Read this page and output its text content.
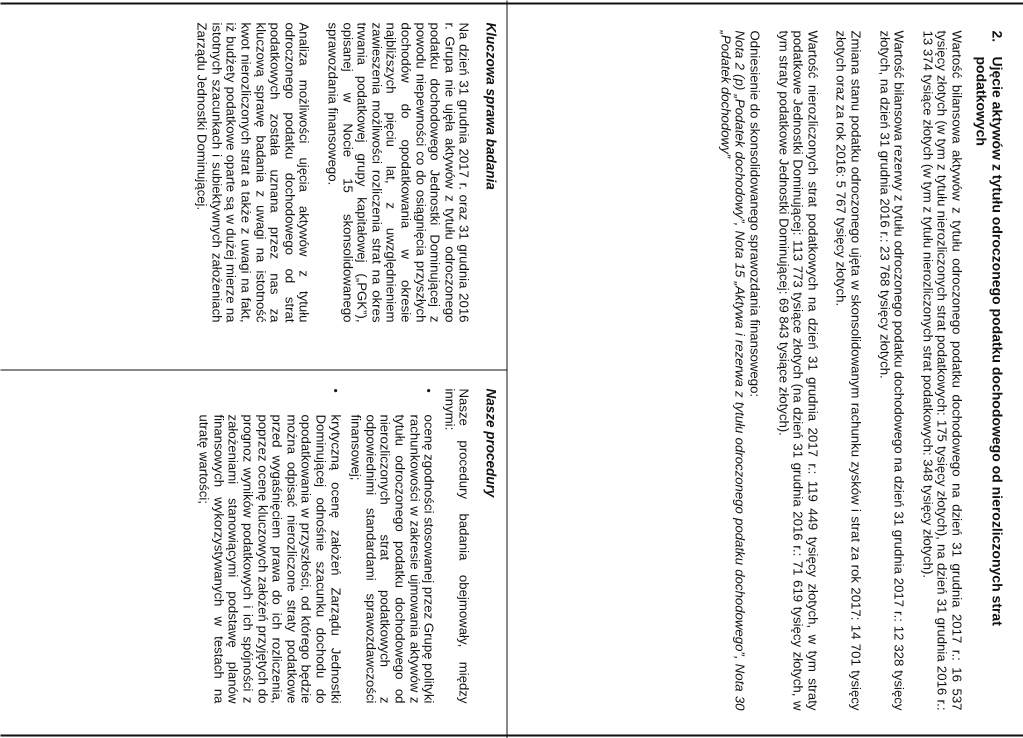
2.
Ujęcie aktywów z tytułu odroczonego podatku dochodowego od nierozliczonych strat podatkowych

Wartość bilansowa aktywów z tytułu odroczonego podatku dochodowego na dzień 31 grudnia 2017 r.: 16 537 tysięcy złotych (w tym z tytułu nierozliczonych strat podatkowych: 175 tysięcy złotych), na dzień 31 grudnia 2016 r.: 13 374 tysiące złotych (w tym z tytułu nierozliczonych strat podatkowych: 348 tysięcy złotych).

Wartość bilansowa rezerwy z tytułu odroczonego podatku dochodowego na dzień 31 grudnia 2017 r.: 12 328 tysięcy złotych, na dzień 31 grudnia 2016 r.: 23 768 tysięcy złotych.

Zmiana stanu podatku odroczonego ujęta w skonsolidowanym rachunku zysków i strat za rok 2017: 14 701 tysięcy złotych oraz za rok 2016: 5 767 tysięcy złotych.

Wartość nierozliczonych strat podatkowych na dzień 31 grudnia 2017 r.: 119 449 tysięcy złotych, w tym straty podatkowe Jednostki Dominującej: 113 773 tysiące złotych (na dzień 31 grudnia 2016 r.: 71 619 tysięcy złotych, w tym straty podatkowe Jednostki Dominującej: 69 843 tysiące złotych).

Odniesienie do skonsolidowanego sprawozdania finansowego:
Nota 2 (p) „Podatek dochodowy”, Nota 15 „Aktywa i rezerwa z tytułu odroczonego podatku dochodowego”, Nota 30 „Podatek dochodowy”
Kluczowa sprawa badania

Na dzień 31 grudnia 2017 r. oraz 31 grudnia 2016 r. Grupa nie ujęła aktywów z tytułu odroczonego podatku dochodowego Jednostki Dominującej z powodu niepewności co do osiągnięcia przyszłych dochodów do opodatkowania w okresie najbliższych pięciu lat, z uwzględnieniem zawieszenia możliwości rozliczenia strat na okres trwania podatkowej grupy kapitałowej („PGK”), opisanej w Nocie 15 skonsolidowanego sprawozdania finansowego.

Analiza możliwości ujęcia aktywów z tytułu odroczonego podatku dochodowego od strat podatkowych została uznana przez nas za kluczową sprawę badania z uwagi na istotność kwot nierozliczonych strat a także z uwagi na fakt, iż budżety podatkowe oparte są w dużej mierze na istotnych szacunkach i subiektywnych założeniach Zarządu Jednostki Dominującej.

Nasze procedury

Nasze procedury badania obejmowały, między innymi:

•
ocenę zgodności stosowanej przez Grupę polityki rachunkowości w zakresie ujmowania aktywów z tytułu odroczonego podatku dochodowego od nierozliczonych strat podatkowych z odpowiednimi standardami sprawozdawczości finansowej;
•
krytyczną ocenę założeń Zarządu Jednostki Dominującej odnośnie szacunku dochodu do opodatkowania w przyszłości, od którego będzie można odpisać nierozliczone straty podatkowe przed wygaśnięciem prawa do ich rozliczenia, poprzez ocenę kluczowych założeń przyjętych do prognoz wyników podatkowych i ich spójności z założeniami stanowiącymi podstawę planów finansowych wykorzystywanych w testach na utratę wartości;
